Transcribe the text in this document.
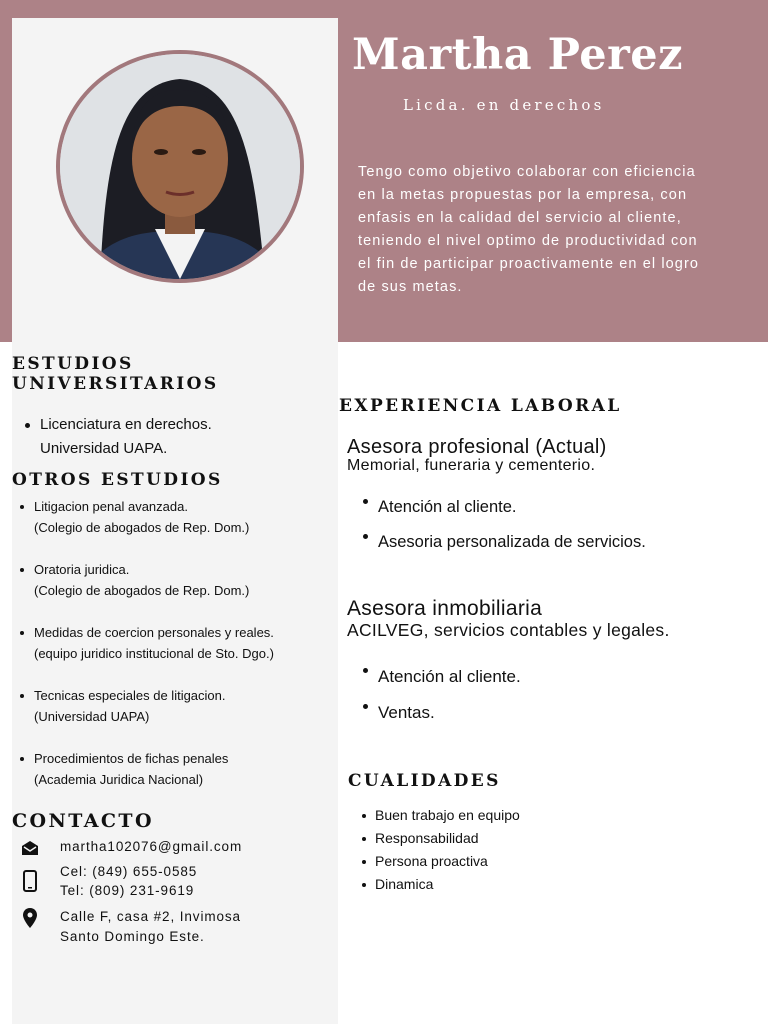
Martha Perez
Licda. en derechos
Tengo como objetivo colaborar con eficiencia
en la metas propuestas por la empresa, con
enfasis en la calidad del servicio al cliente,
teniendo el nivel optimo de productividad con
el fin de participar proactivamente en el logro
de sus metas.
ESTUDIOS
UNIVERSITARIOS
Licenciatura en derechos.
Universidad UAPA.
OTROS ESTUDIOS
Litigacion penal avanzada.
(Colegio de abogados de Rep. Dom.)
Oratoria juridica.
(Colegio de abogados de Rep. Dom.)
Medidas de coercion personales y reales.
(equipo juridico institucional de Sto. Dgo.)
Tecnicas especiales de litigacion.
(Universidad UAPA)
Procedimientos de fichas penales
(Academia Juridica Nacional)
CONTACTO
martha102076@gmail.com
Cel: (849) 655-0585
Tel: (809) 231-9619
Calle F, casa #2, Invimosa
Santo Domingo Este.
EXPERIENCIA LABORAL
Asesora profesional (Actual)
Memorial, funeraria y cementerio.
Atención al cliente.
Asesoria personalizada de servicios.
Asesora inmobiliaria
ACILVEG, servicios contables y legales.
Atención al cliente.
Ventas.
CUALIDADES
Buen trabajo en equipo
Responsabilidad
Persona proactiva
Dinamica
